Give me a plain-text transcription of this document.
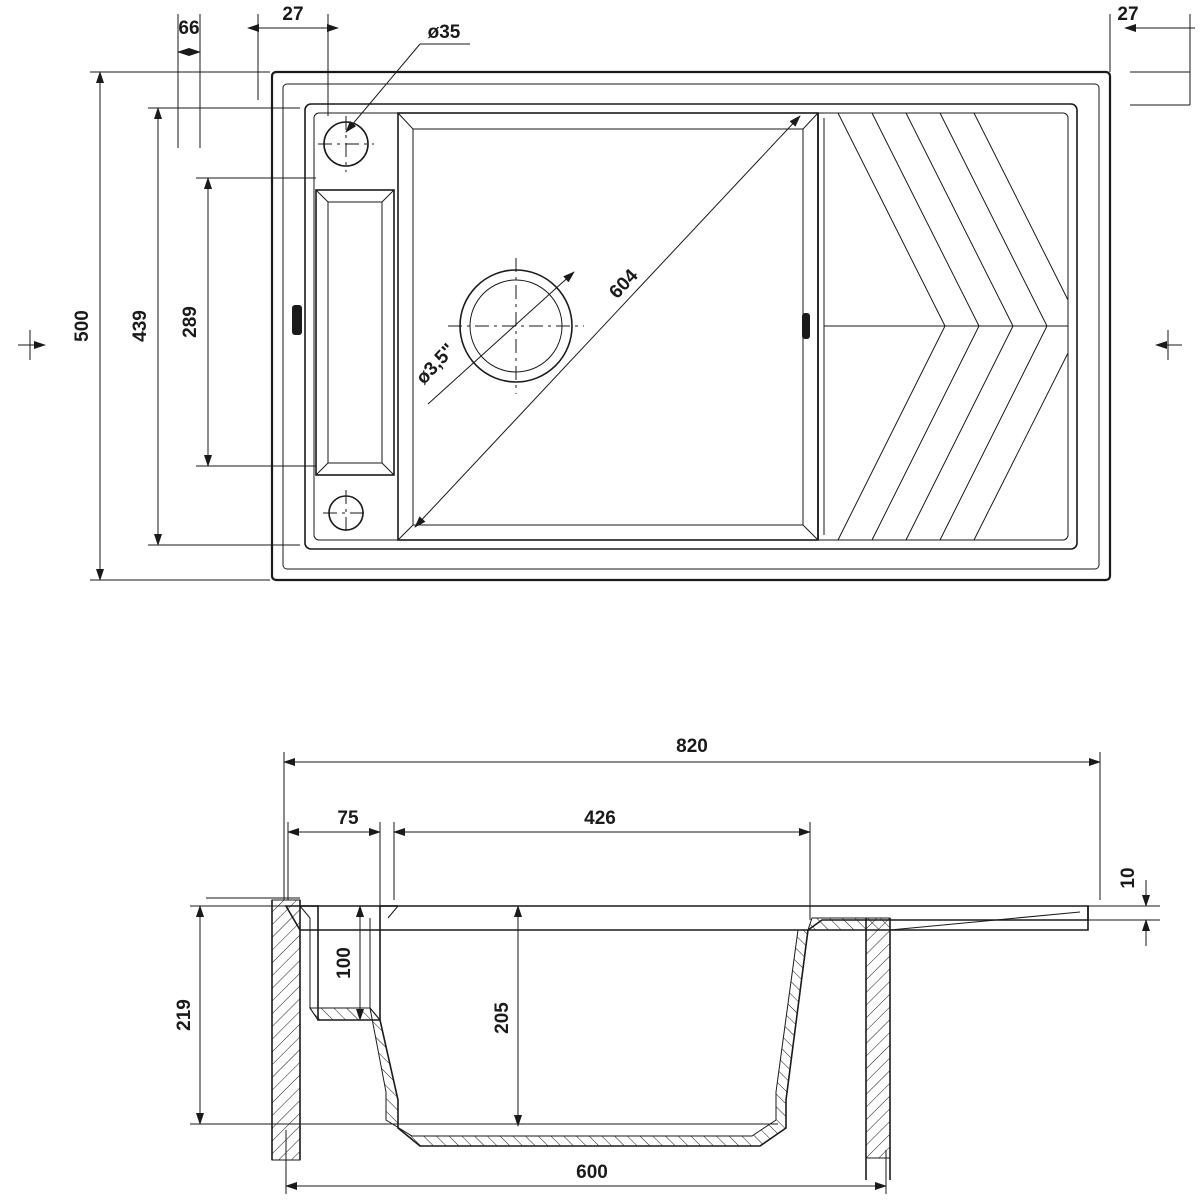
66
27
ø35
27
500 439 289
604
ø3,5"
820
75	426
10
100
205
219
600
